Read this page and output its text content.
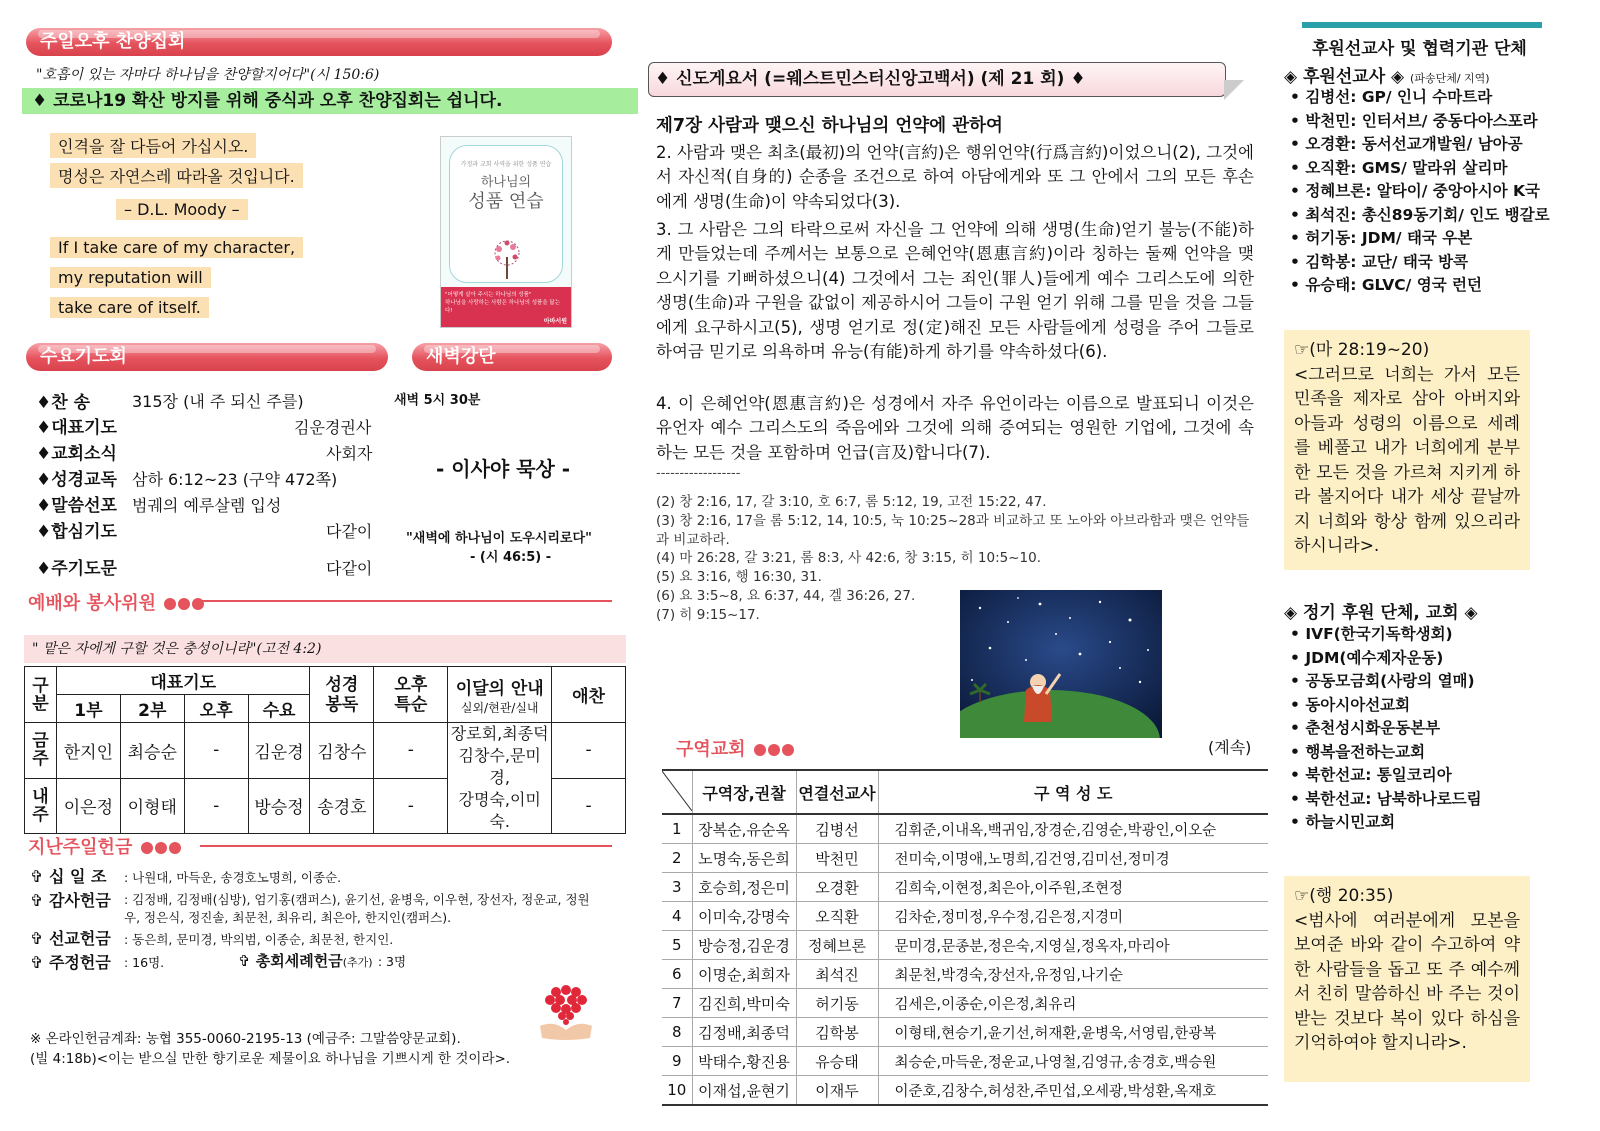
주일오후 찬양집회
"호흡이 있는 자마다 하나님을 찬양할지어다"(시 150:6)
♦ 코로나19 확산 방지를 위해 중식과 오후 찬양집회는 쉽니다.
인격을 잘 다듬어 가십시오.
명성은 자연스레 따라올 것입니다.
– D.L. Moody –
If I take care of my character,
my reputation will
take care of itself.
가정과 교회 사역을 위한 성품 연습
하나님의
성품 연습
"어떻게 살아 주시는 하나님의 성품"
하나님을 사랑하는 사람은 하나님의 성품을 닮는다!
아바서원
수요기도회	새벽강단
♦찬 송	315장 (내 주 되신 주를)
♦대표기도	김운경권사
♦교회소식	사회자
♦성경교독 삼하 6:12~23 (구약 472쪽)
♦말씀선포 범궤의 예루살렘 입성
♦합심기도	다같이
♦주기도문	다같이
새벽 5시 30분
- 이사야 묵상 -
"새벽에 하나님이 도우시리로다"
- (시 46:5) -
예배와 봉사위원
" 맡은 자에게 구할 것은 충성이니라"(고전 4:2)
구분	대표기도				성경봉독	오후특순	이달의 안내
실외/현관/실내	애찬
	1부	2부	오후	수요				

금주	한지인	최승순	-	김운경	김창수	-	장로회,최종덕
김창수,문미경,
강명숙,이미숙.	-

내주	이은정	이형태	-	방승정	송경호	-		-
지난주일헌금
✞ 십 일 조 : 나원대, 마득운, 송경호노명희, 이종순.
✞ 감사헌금 : 김정배, 김정배(심방), 엄기홍(캠퍼스), 윤기선, 윤병욱, 이우현, 장선자, 정운교, 정원우, 정은식, 정진솔, 최문천, 최유리, 최은아, 한지인(캠퍼스).
✞ 선교헌금 : 동은희, 문미경, 박의범, 이종순, 최문천, 한지인.
✞ 주정헌금 : 16명.	✞ 총회세례헌금(추가) : 3명
※ 온라인헌금계좌: 농협 355-0060-2195-13 (예금주: 그말씀양문교회).
(빌 4:18b)<이는 받으실 만한 향기로운 제물이요 하나님을 기쁘시게 한 것이라>.
♦ 신도게요서 (=웨스트민스터신앙고백서) (제 21 회) ♦
제7장 사람과 맺으신 하나님의 언약에 관하여
2. 사람과 맺은 최초(最初)의 언약(言約)은 행위언약(行爲言約)이었으니(2), 그것에서 자신적(自身的) 순종을 조건으로 하여 아담에게와 또 그 안에서 그의 모든 후손에게 생명(生命)이 약속되었다(3).
3. 그 사람은 그의 타락으로써 자신을 그 언약에 의해 생명(生命)얻기 불능(不能)하게 만들었는데 주께서는 보통으로 은혜언약(恩惠言約)이라 칭하는 둘째 언약을 맺으시기를 기뻐하셨으니(4) 그것에서 그는 죄인(罪人)들에게 예수 그리스도에 의한 생명(生命)과 구원을 값없이 제공하시어 그들이 구원 얻기 위해 그를 믿을 것을 그들에게 요구하시고(5), 생명 얻기로 정(定)해진 모든 사람들에게 성령을 주어 그들로 하여금 믿기로 의욕하며 유능(有能)하게 하기를 약속하셨다(6).
4. 이 은혜언약(恩惠言約)은 성경에서 자주 유언이라는 이름으로 발표되니 이것은 유언자 예수 그리스도의 죽음에와 그것에 의해 증여되는 영원한 기업에, 그것에 속하는 모든 것을 포함하며 언급(言及)합니다(7).
------------------
(2) 창 2:16, 17, 갈 3:10, 호 6:7, 롬 5:12, 19, 고전 15:22, 47.
(3) 창 2:16, 17을 롬 5:12, 14, 10:5, 눅 10:25~28과 비교하고 또 노아와 아브라함과 맺은 언약들과 비교하라.
(4) 마 26:28, 갈 3:21, 롬 8:3, 사 42:6, 창 3:15, 히 10:5~10.
(5) 요 3:16, 행 16:30, 31.
(6) 요 3:5~8, 요 6:37, 44, 겔 36:26, 27.
(7) 히 9:15~17.
구역교회	(계속)
	구역장,권찰	연결선교사	구 역 성 도
1	장복순,유순옥	김병선	김휘준,이내옥,백귀임,장경순,김영순,박광인,이오순
2	노명숙,동은희	박천민	전미숙,이명애,노명희,김건영,김미선,정미경
3	호승희,정은미	오경환	김희숙,이현정,최은아,이주원,조현정
4	이미숙,강명숙	오직환	김차순,정미정,우수정,김은정,지경미
5	방승정,김운경	정혜브론	문미경,문종분,정은숙,지영실,정옥자,마리아
6	이명순,최희자	최석진	최문천,박경숙,장선자,유정임,나기순
7	김진희,박미숙	허기동	김세은,이종순,이은정,최유리
8	김정배,최종덕	김학봉	이형태,현승기,윤기선,허재환,윤병욱,서영림,한광복
9	박태수,황진용	유승태	최승순,마득운,정운교,나영철,김영규,송경호,백승원
10	이재섭,윤현기	이재두	이준호,김창수,허성찬,주민섭,오세광,박성환,옥재호
후원선교사 및 협력기관 단체
◈ 후원선교사 ◈ (파송단체/ 지역)
• 김병선: GP/ 인니 수마트라
• 박천민: 인터서브/ 중동다아스포라
• 오경환: 동서선교개발원/ 남아공
• 오직환: GMS/ 말라위 살리마
• 정혜브론: 알타이/ 중앙아시아 K국
• 최석진: 총신89동기회/ 인도 뱅갈로
• 허기동: JDM/ 태국 우본
• 김학봉: 교단/ 태국 방콕
• 유승태: GLVC/ 영국 런던
☞(마 28:19~20)
<그러므로 너희는 가서 모든 민족을 제자로 삼아 아버지와 아들과 성령의 이름으로 세례를 베풀고 내가 너희에게 분부한 모든 것을 가르쳐 지키게 하라 볼지어다 내가 세상 끝날까지 너희와 항상 함께 있으리라 하시니라>.
◈ 정기 후원 단체, 교회 ◈
• IVF(한국기독학생회)
• JDM(예수제자운동)
• 공동모금회(사랑의 열매)
• 동아시아선교회
• 춘천성시화운동본부
• 행복을전하는교회
• 북한선교: 통일코리아
• 북한선교: 남북하나로드림
• 하늘시민교회
☞(행 20:35)
<범사에 여러분에게 모본을 보여준 바와 같이 수고하여 약한 사람들을 돕고 또 주 예수께서 친히 말씀하신 바 주는 것이 받는 것보다 복이 있다 하심을 기억하여야 할지니라>.
